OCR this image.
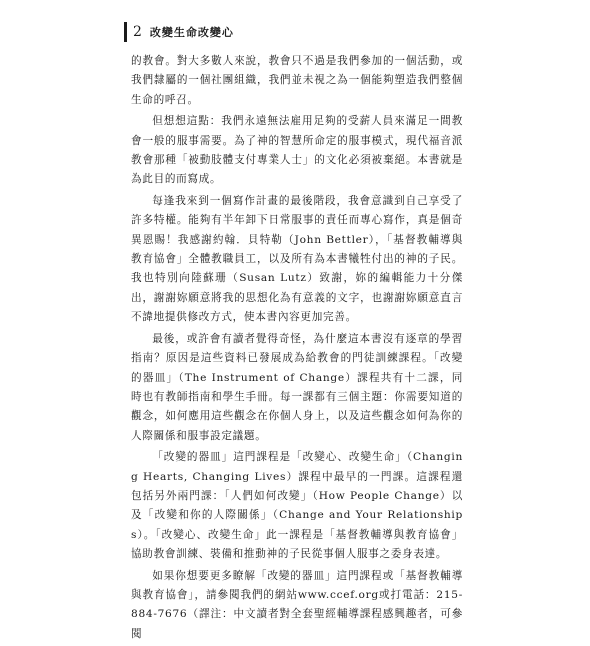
2 改變生命改變心

的教會。對大多數人來說，教會只不過是我們參加的一個活動，或我們隸屬的一個社團組織，我們並未視之為一個能夠塑造我們整個生命的呼召。

但想想這點：我們永遠無法雇用足夠的受薪人員來滿足一間教會一般的服事需要。為了神的智慧所命定的服事模式，現代福音派教會那種「被動肢體支付專業人士」的文化必須被棄絕。本書就是為此目的而寫成。

每逢我來到一個寫作計畫的最後階段，我會意識到自己享受了許多特權。能夠有半年卸下日常服事的責任而專心寫作，真是個奇異恩賜！我感謝約翰．貝特勒（John Bettler），「基督教輔導與教育協會」全體教職員工，以及所有為本書犧牲付出的神的子民。我也特別向陸蘇珊（Susan Lutz）致謝，妳的編輯能力十分傑出，謝謝妳願意將我的思想化為有意義的文字，也謝謝妳願意直言不諱地提供修改方式，使本書內容更加完善。

最後，或許會有讀者覺得奇怪，為什麼這本書沒有逐章的學習指南？原因是這些資料已發展成為給教會的門徒訓練課程。「改變的器皿」（The Instrument of Change）課程共有十二課，同時也有教師指南和學生手冊。每一課都有三個主題：你需要知道的觀念，如何應用這些觀念在你個人身上，以及這些觀念如何為你的人際關係和服事設定議題。

「改變的器皿」這門課程是「改變心、改變生命」（Changing Hearts, Changing Lives）課程中最早的一門課。這課程還包括另外兩門課：「人們如何改變」（How People Change）以及「改變和你的人際關係」（Change and Your Relationships）。「改變心、改變生命」此一課程是「基督教輔導與教育協會」協助教會訓練、裝備和推動神的子民從事個人服事之委身表達。

如果你想要更多瞭解「改變的器皿」這門課程或「基督教輔導與教育協會」，請參閱我們的網站www.ccef.org或打電話：215-884-7676（譯注：中文讀者對全套聖經輔導課程感興趣者，可參閱
